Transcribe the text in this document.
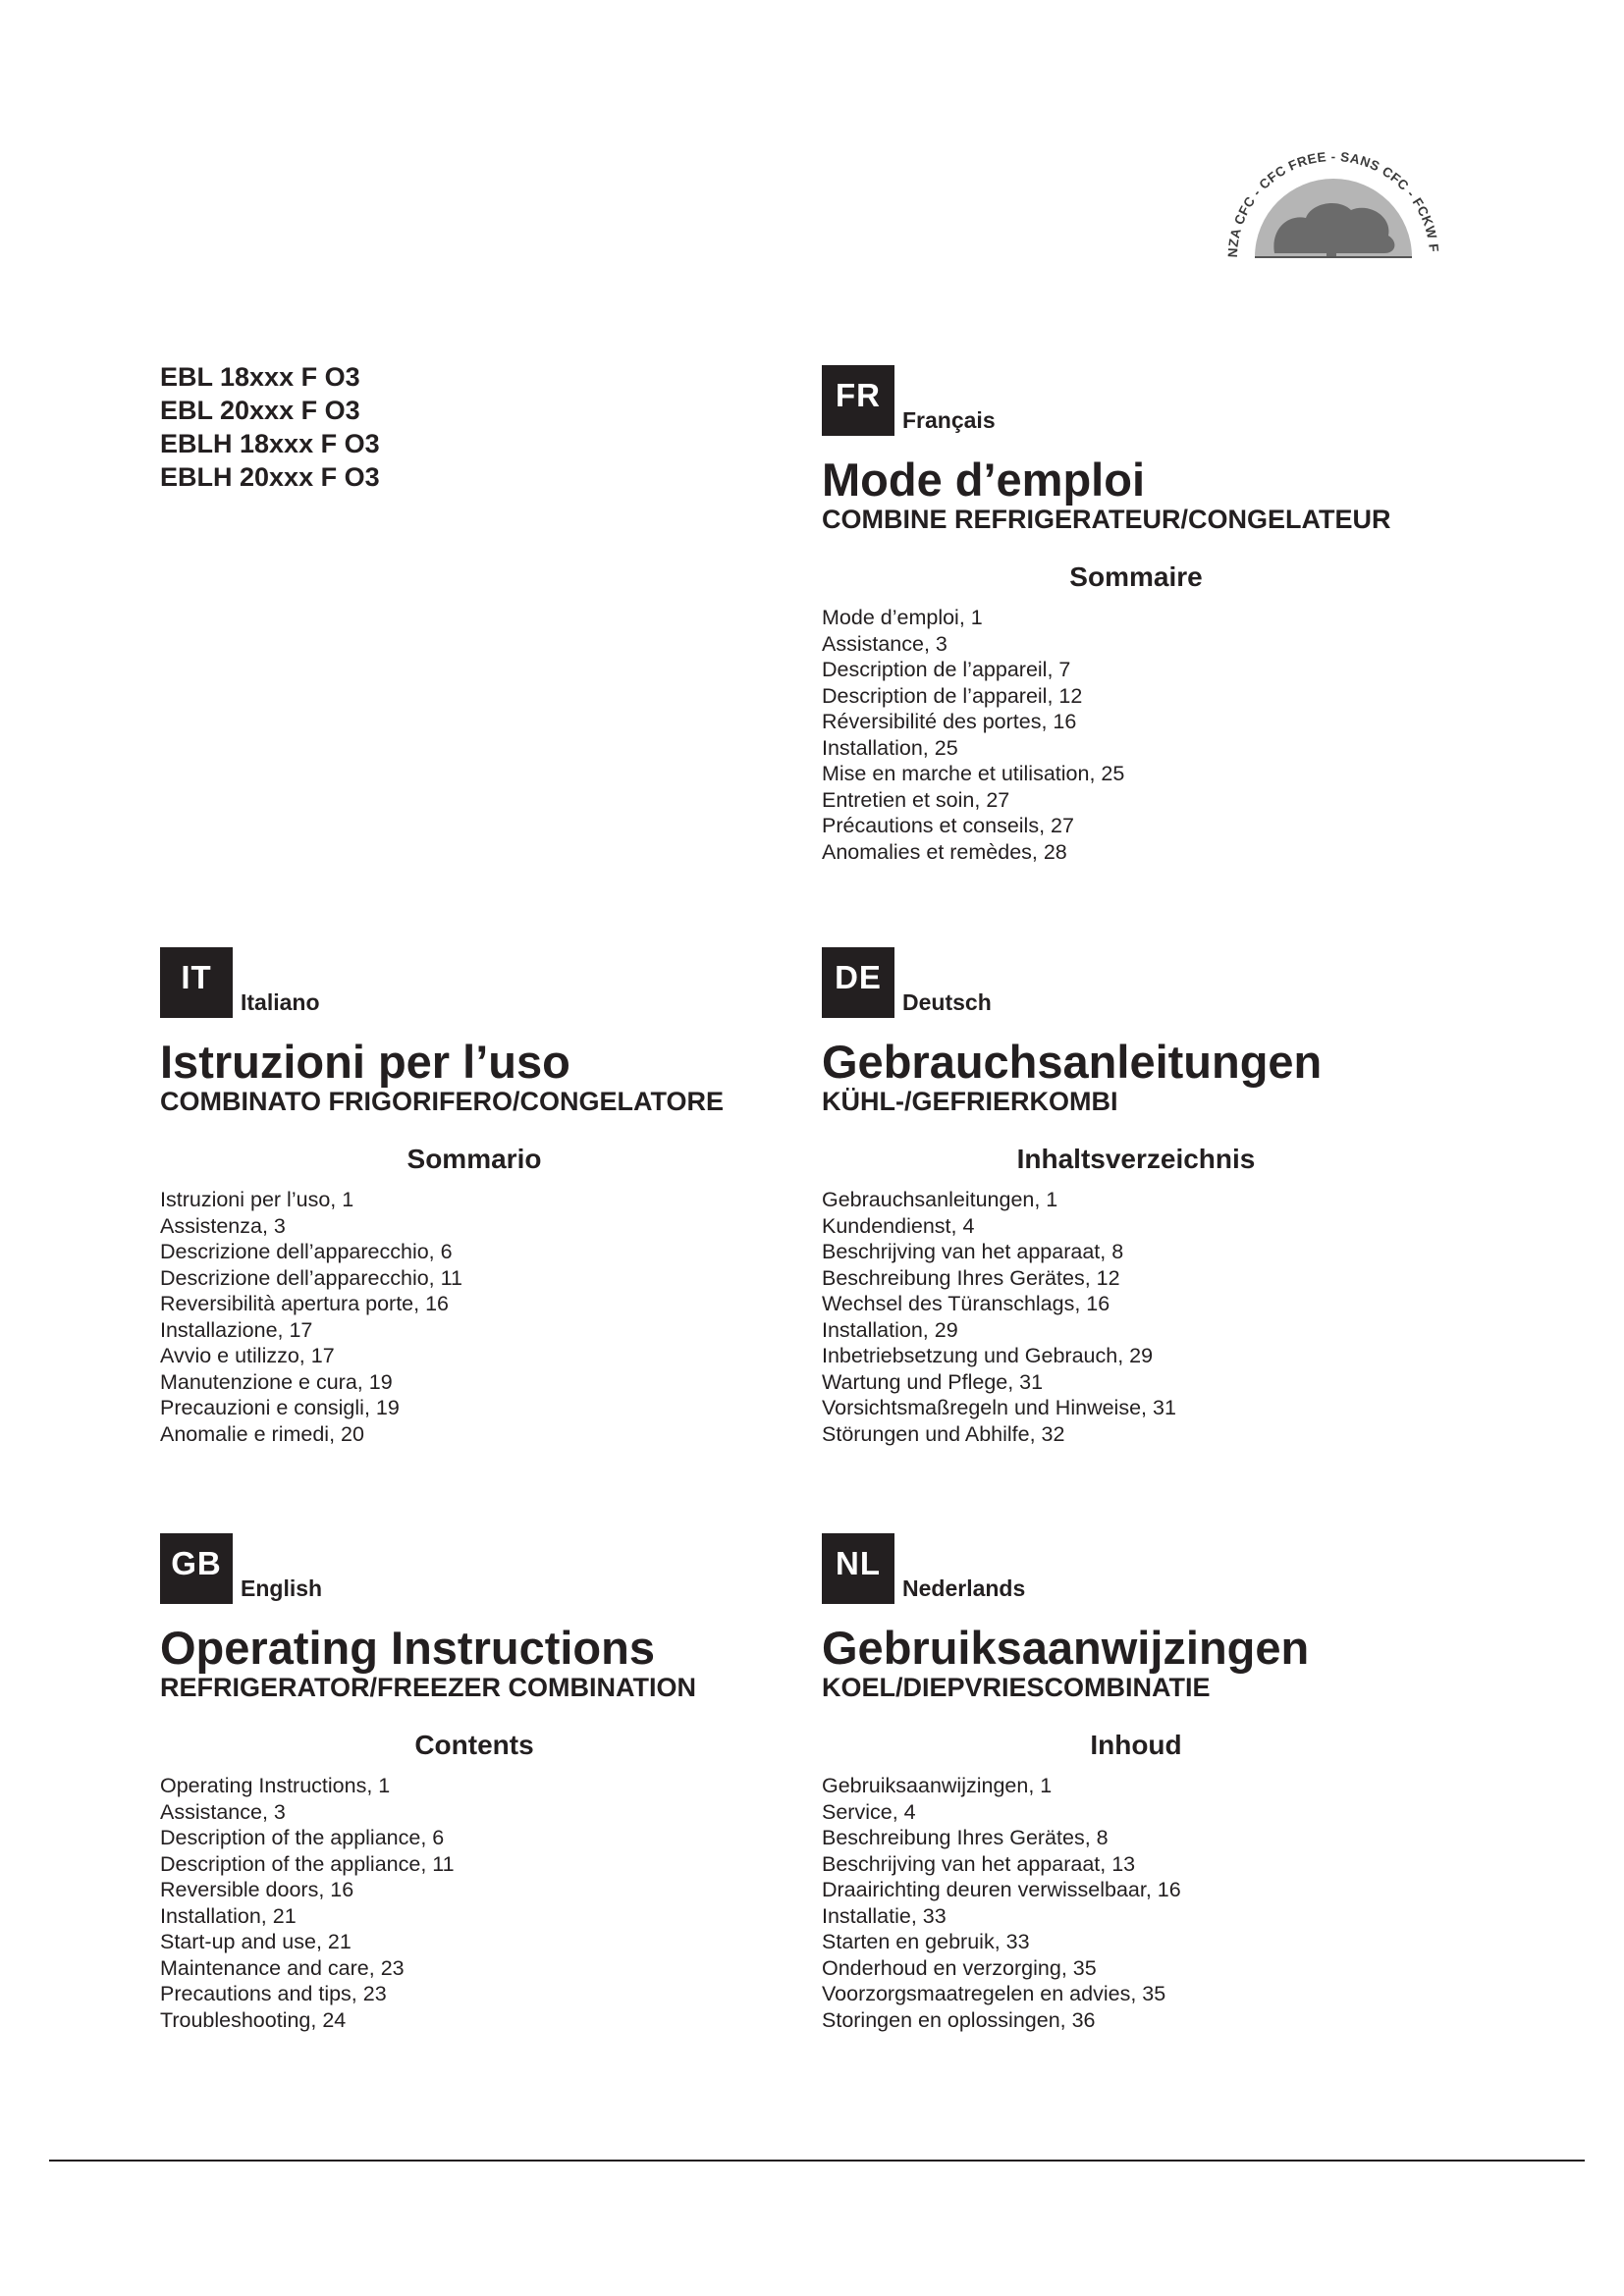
NZA CFC - CFC FREE - SANS CFC - FCKW F
EBL 18xxx F O3
EBL 20xxx F O3
EBLH 18xxx F O3
EBLH 20xxx F O3
FR
Français
Mode d’emploi
COMBINE REFRIGERATEUR/CONGELATEUR
Sommaire
Mode d’emploi, 1
Assistance, 3
Description de l’appareil, 7
Description de l’appareil, 12
Réversibilité des portes, 16
Installation, 25
Mise en marche et utilisation, 25
Entretien et soin, 27
Précautions et conseils, 27
Anomalies et remèdes, 28
IT
Italiano
Istruzioni per l’uso
COMBINATO FRIGORIFERO/CONGELATORE
Sommario
Istruzioni per l’uso, 1
Assistenza, 3
Descrizione dell’apparecchio, 6
Descrizione dell’apparecchio, 11
Reversibilità apertura porte, 16
Installazione, 17
Avvio e utilizzo, 17
Manutenzione e cura, 19
Precauzioni e consigli, 19
Anomalie e rimedi, 20
DE
Deutsch
Gebrauchsanleitungen
KÜHL-/GEFRIERKOMBI
Inhaltsverzeichnis
Gebrauchsanleitungen, 1
Kundendienst, 4
Beschrijving van het apparaat, 8
Beschreibung Ihres Gerätes, 12
Wechsel des Türanschlags, 16
Installation, 29
Inbetriebsetzung und Gebrauch, 29
Wartung und Pflege, 31
Vorsichtsmaßregeln und Hinweise, 31
Störungen und Abhilfe, 32
GB
English
Operating Instructions
REFRIGERATOR/FREEZER COMBINATION
Contents
Operating Instructions, 1
Assistance, 3
Description of the appliance, 6
Description of the appliance, 11
Reversible doors, 16
Installation, 21
Start-up and use, 21
Maintenance and care, 23
Precautions and tips, 23
Troubleshooting, 24
NL
Nederlands
Gebruiksaanwijzingen
KOEL/DIEPVRIESCOMBINATIE
Inhoud
Gebruiksaanwijzingen, 1
Service, 4
Beschreibung Ihres Gerätes, 8
Beschrijving van het apparaat, 13
Draairichting deuren verwisselbaar, 16
Installatie, 33
Starten en gebruik, 33
Onderhoud en verzorging, 35
Voorzorgsmaatregelen en advies, 35
Storingen en oplossingen, 36
